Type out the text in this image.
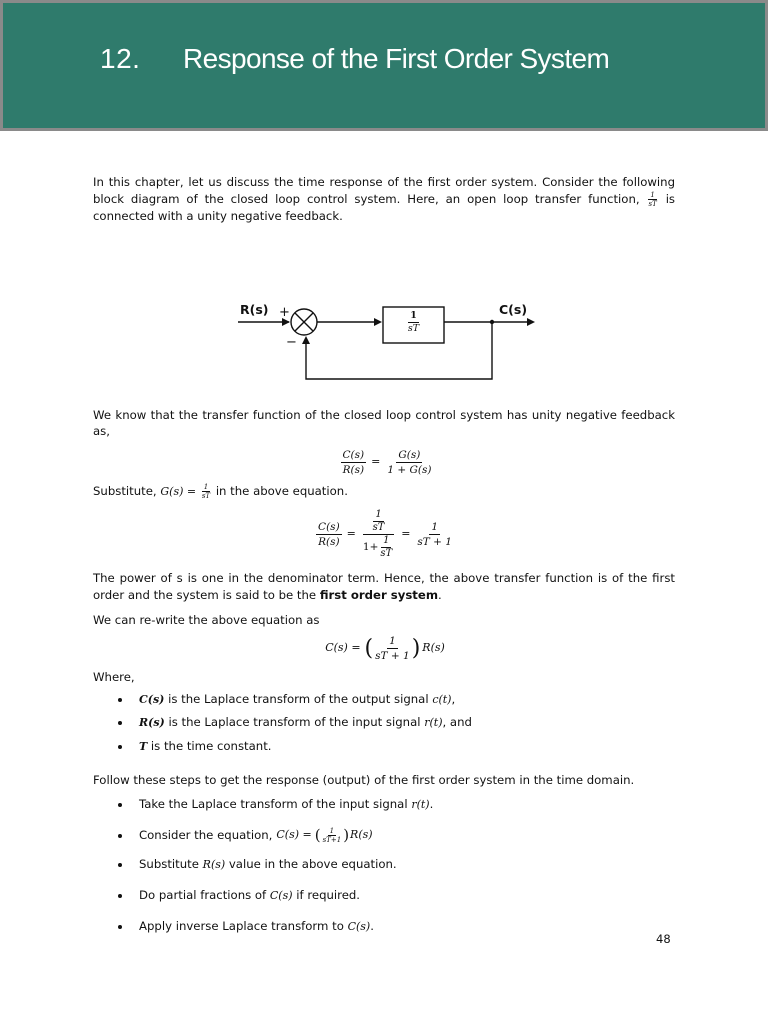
12. Response of the First Order System

In this chapter, let us discuss the time response of the first order system. Consider the following block diagram of the closed loop control system. Here, an open loop transfer function, $\frac{1}{sT}$ is connected with a unity negative feedback.

R(s) +
−
C(s)
$\frac{1}{sT}$

We know that the transfer function of the closed loop control system has unity negative feedback as,

$\frac{C(s)}{R(s)} = \frac{G(s)}{1 + G(s)}$

Substitute, $G(s) = \frac{1}{sT}$ in the above equation.

$\frac{C(s)}{R(s)} = \frac{\frac{1}{sT}}{1+ \frac{1}{sT}} = \frac{1}{sT + 1}$

The power of s is one in the denominator term. Hence, the above transfer function is of the first order and the system is said to be the first order system.

We can re-write the above equation as

C(s) = ( $\frac{1}{sT + 1}$ ) R(s)

Where,

C(s) is the Laplace transform of the output signal c(t),
R(s) is the Laplace transform of the input signal r(t), and
T is the time constant.

Follow these steps to get the response (output) of the first order system in the time domain.

Take the Laplace transform of the input signal r(t).
Consider the equation, C(s) = ( $\frac{1}{sT+1}$ ) R(s)
Substitute R(s) value in the above equation.
Do partial fractions of C(s) if required.
Apply inverse Laplace transform to C(s).
48
